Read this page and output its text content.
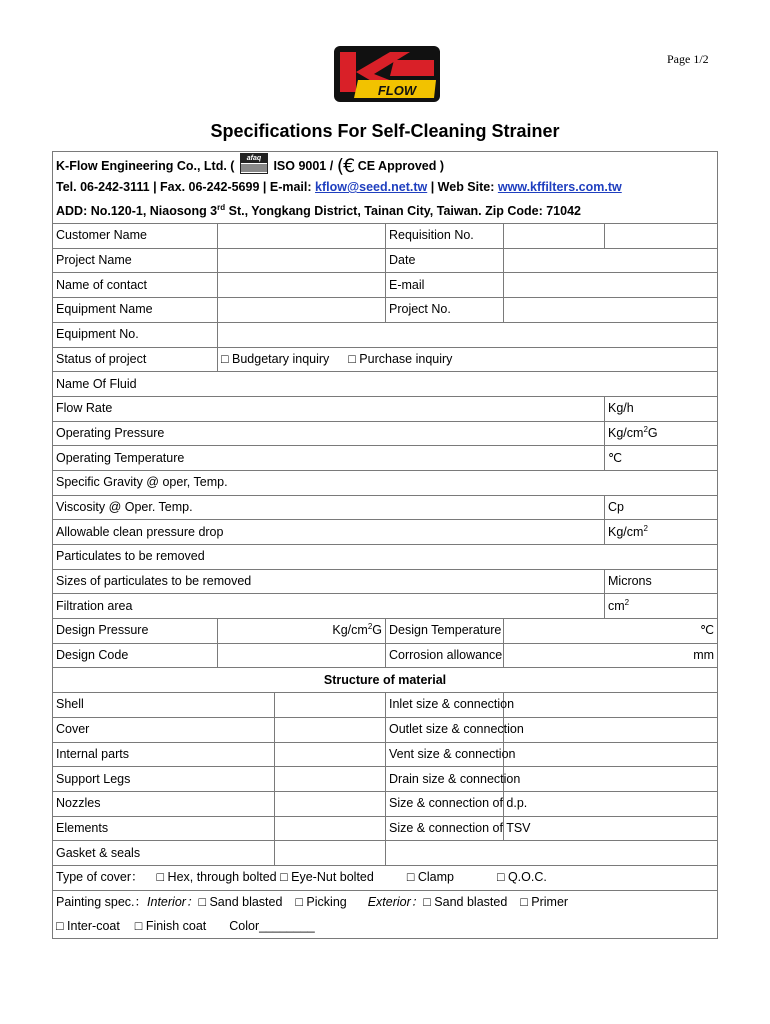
Page 1/2
FLOW
Specifications For Self-Cleaning Strainer
K-Flow Engineering Co., Ltd. (
afaq
ISO 9001 / (€ CE Approved )					
Tel. 06-242-3111 | Fax. 06-242-5699 | E-mail: kflow@seed.net.tw | Web Site: www.kffilters.com.tw					
ADD: No.120-1, Niaosong 3rd St., Yongkang District, Tainan City, Taiwan. Zip Code: 71042					
Customer Name			Requisition No.		
Project Name			Date		
Name of contact			E-mail		
Equipment Name			Project No.		
Equipment No.					
Status of project	□ Budgetary inquiry □ Purchase inquiry				
Name Of Fluid					
Flow Rate					Kg/h
Operating Pressure					$Kg/cm^2G$
Operating Temperature					℃
Specific Gravity @ oper, Temp.					
Viscosity @ Oper. Temp.					Cp
Allowable clean pressure drop					$Kg/cm^2$
Particulates to be removed					
Sizes of particulates to be removed					Microns
Filtration area					$cm^2$
Design Pressure	$Kg/cm^2G$		Design Temperature	℃	
Design Code			Corrosion allowance	mm	
Structure of material					
Shell			Inlet size & connection		
Cover			Outlet size & connection		
Internal parts			Vent size & connection		
Support Legs			Drain size & connection		
Nozzles			Size & connection of d.p.		
Elements			Size & connection of TSV		
Gasket & seals					
Type of cover： □ Hex, through bolted □ Eye-Nut bolted □ Clamp □ Q.O.C.					
Painting spec.：Interior：□ Sand blasted □ Picking Exterior：□ Sand blasted □ Primer					
□ Inter-coat □ Finish coat Color________					
